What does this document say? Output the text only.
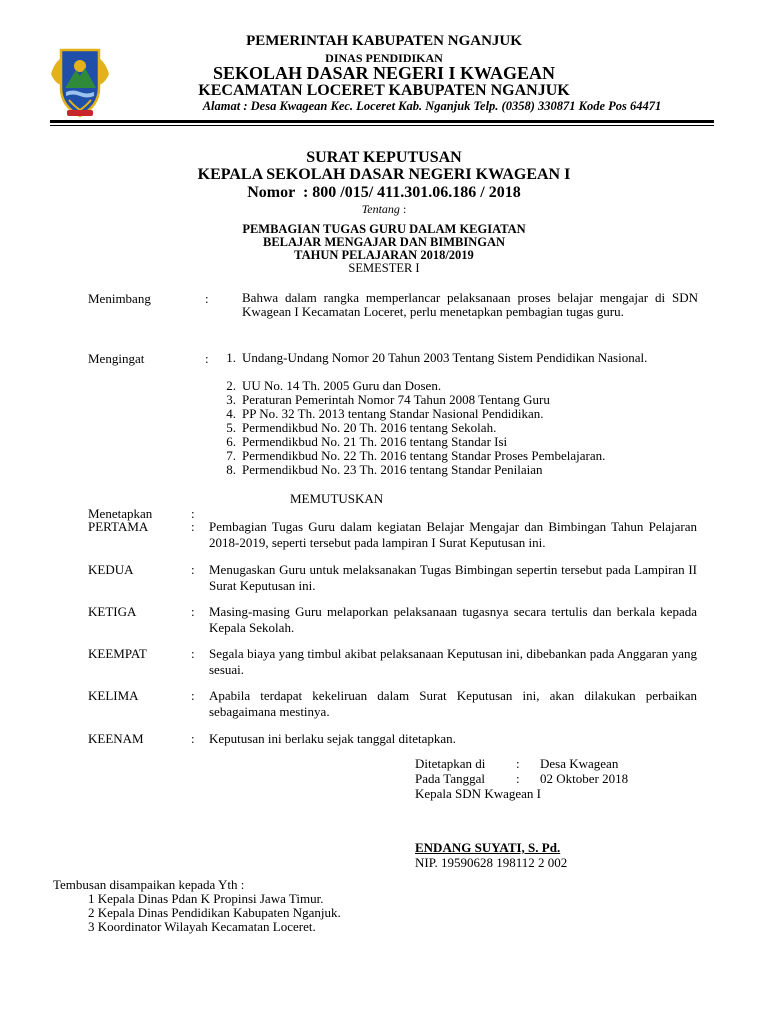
PEMERINTAH KABUPATEN NGANJUK
DINAS PENDIDIKAN
SEKOLAH DASAR NEGERI I KWAGEAN
KECAMATAN LOCERET KABUPATEN NGANJUK
Alamat : Desa Kwagean Kec. Loceret Kab. Nganjuk Telp. (0358) 330871 Kode Pos 64471
SURAT KEPUTUSAN
KEPALA SEKOLAH DASAR NEGERI KWAGEAN I
Nomor  : 800 /015/ 411.301.06.186 / 2018
Tentang :
PEMBAGIAN TUGAS GURU DALAM KEGIATAN
BELAJAR MENGAJAR DAN BIMBINGAN
TAHUN PELAJARAN 2018/2019
SEMESTER I
Menimbang	:	Bahwa dalam rangka memperlancar pelaksanaan proses belajar mengajar di SDN Kwagean I Kecamatan Loceret, perlu menetapkan pembagian tugas guru.
Mengingat	:	1. Undang-Undang Nomor 20 Tahun 2003 Tentang Sistem Pendidikan Nasional.
2. UU No. 14 Th. 2005 Guru dan Dosen.
3. Peraturan Pemerintah Nomor 74 Tahun 2008 Tentang Guru
4. PP No. 32 Th. 2013 tentang Standar Nasional Pendidikan.
5. Permendikbud No. 20 Th. 2016 tentang Sekolah.
6. Permendikbud No. 21 Th. 2016 tentang Standar Isi
7. Permendikbud No. 22 Th. 2016 tentang Standar Proses Pembelajaran.
8. Permendikbud No. 23 Th. 2016 tentang Standar Penilaian
MEMUTUSKAN
Menetapkan	:
PERTAMA	: Pembagian Tugas Guru dalam kegiatan Belajar Mengajar dan Bimbingan Tahun Pelajaran 2018-2019, seperti tersebut pada lampiran I Surat Keputusan ini.
KEDUA	: Menugaskan Guru untuk melaksanakan Tugas Bimbingan sepertin tersebut pada Lampiran II Surat Keputusan ini.
KETIGA	: Masing-masing Guru melaporkan pelaksanaan tugasnya secara tertulis dan berkala kepada Kepala Sekolah.
KEEMPAT	: Segala biaya yang timbul akibat pelaksanaan Keputusan ini, dibebankan pada Anggaran yang sesuai.
KELIMA	: Apabila terdapat kekeliruan dalam Surat Keputusan ini, akan dilakukan perbaikan sebagaimana mestinya.
KEENAM	: Keputusan ini berlaku sejak tanggal ditetapkan.
Ditetapkan di : Desa Kwagean
Pada Tanggal : 02 Oktober 2018
Kepala SDN Kwagean I
ENDANG SUYATI, S. Pd.
NIP. 19590628 198112 2 002
Tembusan disampaikan kepada Yth :
1 Kepala Dinas Pdan K Propinsi Jawa Timur.
2 Kepala Dinas Pendidikan Kabupaten Nganjuk.
3 Koordinator Wilayah Kecamatan Loceret.
